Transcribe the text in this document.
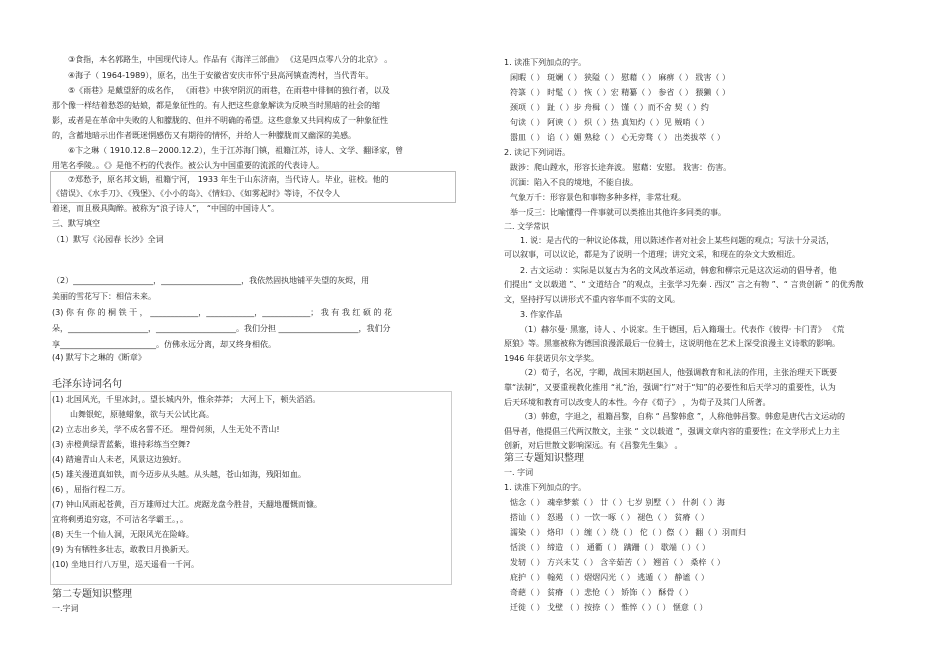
③食指，本名郭路生，中国现代诗人。作品有《海洋三部曲》 《这是四点零八分的北京》 。
④海子（ 1964-1989），原名，出生于安徽省安庆市怀宁县高河镇查湾村，当代青年。
⑤《雨巷》是戴望舒的成名作， 《雨巷》中狭窄阴沉的雨巷，在雨巷中徘徊的独行者，以及
那个像一样结着愁怨的姑娘，都是象征性的。有人把这些意象解读为反映当时黑暗的社会的缩
影，或者是在革命中失败的人和朦胧的、但并不明确的希望。这些意象又共同构成了一种象征性
的，含蓄地暗示出作者既迷惘感伤又有期待的情怀，并给人一种朦胧而又幽深的美感。
⑥卞之琳（ 1910.12.8－2000.12.2），生于江苏海门镇，祖籍江苏，诗人、文学、翻译家，曾
用笔名季陵。。《》是他不朽的代表作。被公认为中国重要的流派的代表诗人。
⑦郑愁予，原名邦文娟，祖籍宁河， 1933 年生于山东济南，当代诗人。毕业，驻校。他的
《错误》、《水手刀》、《残堡》、《小小的岛》、《情妇》、《如雾起时》等诗，不仅令人
着迷，而且极具陶醉。被称为“浪子诗人”， “中国的中国诗人”。
三、默写填空
（1）默写《沁园春 长沙》全词
（2）____________________，____________________，我依然固执地铺平失望的灰烬，用
美丽的雪花写下：相信未来。
(3) 你 有 你 的 桐 铁 干 ， ____________，____________，____________； 我 有 我 红 硕 的 花
朵，____________________，____________________。我们分担 ____________________，我们分
享________________________。仿佛永远分离，却又终身相依。
(4) 默写卞之琳的《断章》
毛泽东诗词名句
(1) 北国风光，千里冰封，。望长城内外，惟余莽莽； 大河上下，顿失滔滔。
山舞银蛇，原驰蜡象，欲与天公试比高。
(2) 立志出乡关，学不成名誓不还。 埋骨何须，人生无处不青山!
(3) 赤橙黄绿青蓝紫，谁持彩练当空舞?
(4) 踏遍青山人未老，风景这边独好。
(5) 雄关漫道真如铁，而今迈步从头越。从头越，苍山如海，残阳如血。
(6) ，屈指行程二万。
(7) 钟山风雨起苍黄，百万雄师过大江。虎踞龙盘今胜昔，天翻地覆慨而慷。
宜将剩勇追穷寇，不可沽名学霸王。，。
(8) 天生一个仙人洞，无限风光在险峰。
(9) 为有牺牲多壮志，敢教日月换新天。
(10) 坐地日行八万里，巡天遥看一千河。
第二专题知识整理
一.字词
1. 读准下列加点的字。
闲暇（ ） 斑斓（ ） 狭隘（ ） 慰藉（ ） 麻痹（ ） 戕害（ ）
符箓（ ） 时髦（ ） 恢（ ）宏 精纂（ ） 参省（ ） 猥獭（ ）
颈项（ ） 趾（ ）步 舟楫（ ） 馑（ ）而不舍 契（ ）约
句读（ ） 阿谀（ ） 炽（ ）热 真知灼（ ）见 贼哨（ ）
嚣皿（ ） 谄（ ）媚 熟稔（ ） 心无旁骛（ ） 出类拔萃（ ）
2. 读记下列词语。
跋涉：爬山蹚水，形容长途奔波。 慰藉：安慰。 戕害：伤害。
沉湎：陷入不良的境地，不能自拔。
气象万千：形容景色和事物多种多样，非常壮观。
举一反三：比喻懂得一件事就可以类推出其他许多同类的事。
二. 文学常识
1. 说：是古代的一种议论体裁，用以陈述作者对社会上某些问题的观点；写法十分灵活，
可以叙事，可以议论，都是为了说明一个道理；讲究文采，和现在的杂文大致相近。
2. 古文运动 ：实际是以复古为名的文风改革运动，韩愈和柳宗元是这次运动的倡导者，他
们提出“ 文以载道 ”、“ 文道结合 ”的观点，主张学习先秦 . 西汉” 言之有物 ”、“ 言贵创新 ” 的优秀散
文，坚持抒写以讲形式不重内容华而不实的文风。
3. 作家作品
（1）赫尔曼· 黑塞，诗人 、小说家。生于德国，后入籍瑞士。代表作《彼得· 卡门青》 《荒
原狼》等。黑塞被称为德国浪漫派最后一位骑士，这说明他在艺术上深受浪漫主义诗歌的影响。
1946 年获诺贝尔文学奖。
（2）荀子，名况，字卿，战国末期赵国人，他强调教育和礼法的作用，主张治理天下既要
靠“法制”，又要重视教化推用 “礼”治，强调“行”对于“知”的必要性和后天学习的重要性，认为
后天环境和教育可以改变人的本性。今存《荀子》 ，为荀子及其门人所著。
（3）韩愈，字退之，祖籍昌黎，自称 “ 昌黎韩愈 ”，人称他韩昌黎。韩愈是唐代古文运动的
倡导者，他提倡三代两汉散文，主张 “ 文以载道 ”，强调文章内容的重要性；在文学形式上力主
创新，对后世散文影响深远。有《昌黎先生集》 。
第三专题知识整理
一. 字词
1. 读准下列加点的字。
惦念（ ） 魂牵梦萦（ ） 廿（ ）七岁 别墅（ ） 什刹（ ）海
搭讪（ ） 怒遏 （ ）一饮一啄（ ） 褪色（ ） 贫瘠（ ）
濡染（ ） 烙印 （ ）缠（ ）绕（ ） 佗（ ）傺（ ） 翻（ ）羽而归
恬淡（ ） 缔造 （ ） 通衢（ ） 蹒跚（ ） 歇端（ ）（ ）
发轫（ ） 方兴未艾（ ） 含辛茹苦（ ） 翘首（ ） 桑梓（ ）
庇护（ ） 翰苑 （ ）熠熠闪光（ ） 逃遁（ ） 静谧（ ）
奇葩（ ） 贫瘠 （ ）悲怆（ ） 矫饰（ ） 酥骨（ ）
迁徙（ ） 戈壁 （ ）按捺（ ） 惟悴（ ）（ ） 惬意（ ）
